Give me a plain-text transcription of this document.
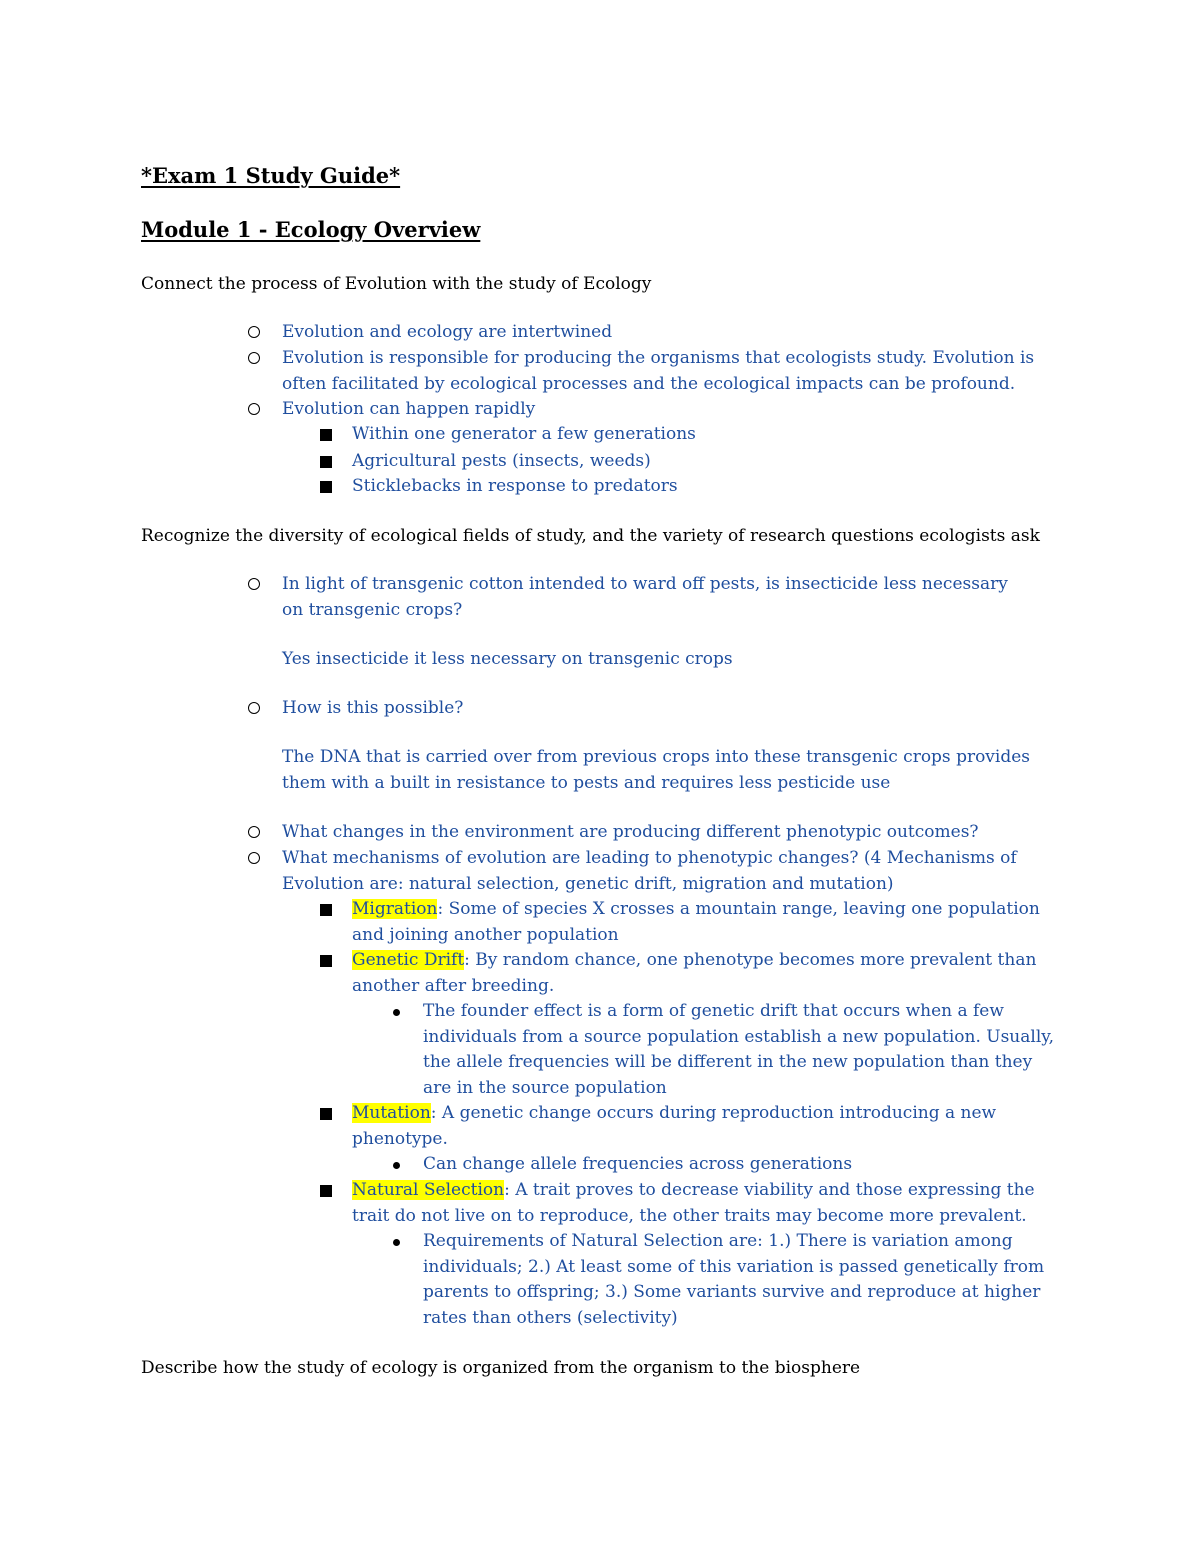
*Exam 1 Study Guide*
Module 1 - Ecology Overview

Connect the process of Evolution with the study of Ecology

Evolution and ecology are intertwined
Evolution is responsible for producing the organisms that ecologists study. Evolution is often facilitated by ecological processes and the ecological impacts can be profound.
Evolution can happen rapidly
Within one generator a few generations
Agricultural pests (insects, weeds)
Sticklebacks in response to predators

Recognize the diversity of ecological fields of study, and the variety of research questions ecologists ask

In light of transgenic cotton intended to ward off pests, is insecticide less necessary on transgenic crops?

Yes insecticide it less necessary on transgenic crops

How is this possible?

The DNA that is carried over from previous crops into these transgenic crops provides them with a built in resistance to pests and requires less pesticide use

What changes in the environment are producing different phenotypic outcomes?
What mechanisms of evolution are leading to phenotypic changes? (4 Mechanisms of Evolution are: natural selection, genetic drift, migration and mutation)
Migration: Some of species X crosses a mountain range, leaving one population and joining another population
Genetic Drift: By random chance, one phenotype becomes more prevalent than another after breeding.
The founder effect is a form of genetic drift that occurs when a few individuals from a source population establish a new population. Usually, the allele frequencies will be different in the new population than they are in the source population
Mutation: A genetic change occurs during reproduction introducing a new phenotype.
Can change allele frequencies across generations
Natural Selection: A trait proves to decrease viability and those expressing the trait do not live on to reproduce, the other traits may become more prevalent.
Requirements of Natural Selection are: 1.) There is variation among individuals; 2.) At least some of this variation is passed genetically from parents to offspring; 3.) Some variants survive and reproduce at higher rates than others (selectivity)

Describe how the study of ecology is organized from the organism to the biosphere
